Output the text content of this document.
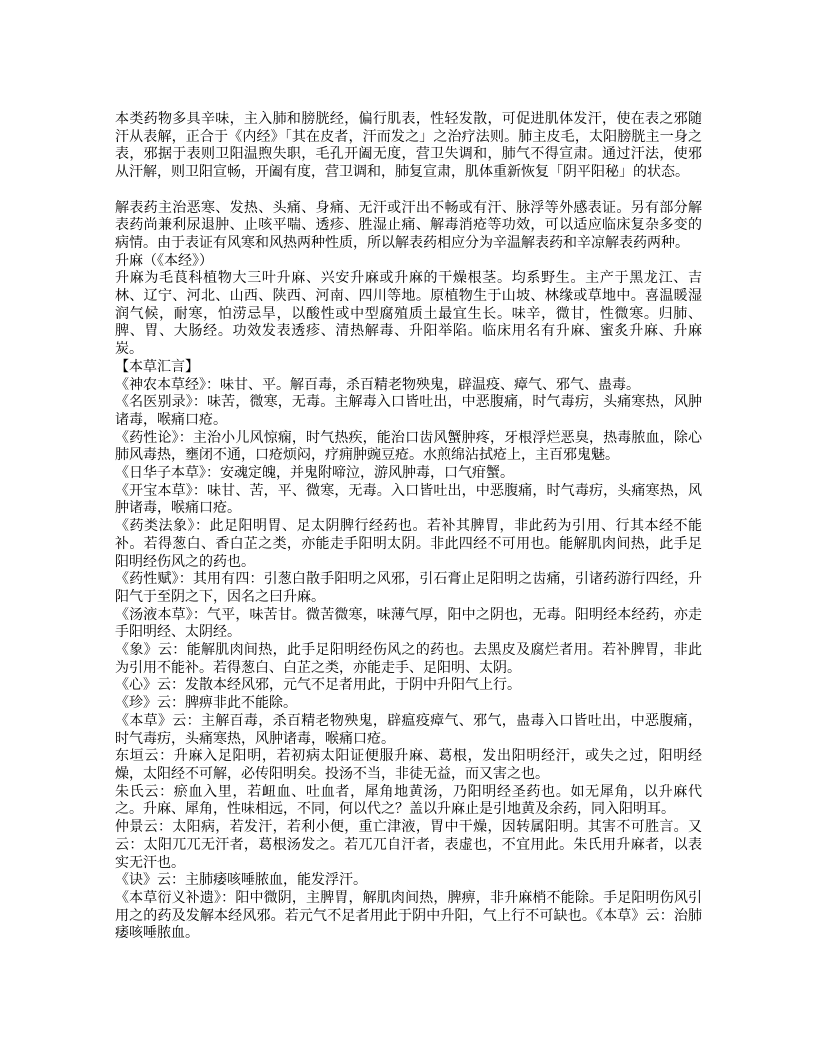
本类药物多具辛味，主入肺和膀胱经，偏行肌表，性轻发散，可促进肌体发汗，使在表之邪随汗从表解，正合于《内经》「其在皮者，汗而发之」之治疗法则。肺主皮毛，太阳膀胱主一身之表，邪据于表则卫阳温煦失职，毛孔开阖无度，营卫失调和，肺气不得宣肃。通过汗法，使邪从汗解，则卫阳宣畅，开阖有度，营卫调和，肺复宣肃，肌体重新恢复「阴平阳秘」的状态。

解表药主治恶寒、发热、头痛、身痛、无汗或汗出不畅或有汗、脉浮等外感表证。另有部分解表药尚兼利尿退肿、止咳平喘、透疹、胜湿止痛、解毒消疮等功效，可以适应临床复杂多变的病情。由于表证有风寒和风热两种性质，所以解表药相应分为辛温解表药和辛凉解表药两种。

升麻（《本经》）

升麻为毛茛科植物大三叶升麻、兴安升麻或升麻的干燥根茎。均系野生。主产于黑龙江、吉林、辽宁、河北、山西、陕西、河南、四川等地。原植物生于山坡、林缘或草地中。喜温暖湿润气候，耐寒，怕涝忌旱，以酸性或中型腐殖质土最宜生长。味辛，微甘，性微寒。归肺、脾、胃、大肠经。功效发表透疹、清热解毒、升阳举陷。临床用名有升麻、蜜炙升麻、升麻炭。

【本草汇言】

《神农本草经》：味甘、平。解百毒，杀百精老物殃鬼，辟温疫、瘴气、邪气、蛊毒。

《名医别录》：味苦，微寒，无毒。主解毒入口皆吐出，中恶腹痛，时气毒疠，头痛寒热，风肿诸毒，喉痛口疮。

《药性论》：主治小儿风惊痫，时气热疾，能治口齿风蟹肿疼，牙根浮烂恶臭，热毒脓血，除心肺风毒热，壅闭不通，口疮烦闷，疗痈肿豌豆疮。水煎绵沾拭疮上，主百邪鬼魅。

《日华子本草》：安魂定魄，并鬼附啼泣，游风肿毒，口气疳蟹。

《开宝本草》：味甘、苦，平、微寒，无毒。入口皆吐出，中恶腹痛，时气毒疠，头痛寒热，风肿诸毒，喉痛口疮。

《药类法象》：此足阳明胃、足太阴脾行经药也。若补其脾胃，非此药为引用、行其本经不能补。若得葱白、香白芷之类，亦能走手阳明太阴。非此四经不可用也。能解肌肉间热，此手足阳明经伤风之的药也。

《药性赋》：其用有四：引葱白散手阳明之风邪，引石膏止足阳明之齿痛，引诸药游行四经，升阳气于至阴之下，因名之曰升麻。

《汤液本草》：气平，味苦甘。微苦微寒，味薄气厚，阳中之阴也，无毒。阳明经本经药，亦走手阳明经、太阴经。

《象》云：能解肌肉间热，此手足阳明经伤风之的药也。去黑皮及腐烂者用。若补脾胃，非此为引用不能补。若得葱白、白芷之类，亦能走手、足阳明、太阴。

《心》云：发散本经风邪，元气不足者用此，于阴中升阳气上行。

《珍》云：脾痹非此不能除。

《本草》云：主解百毒，杀百精老物殃鬼，辟瘟疫瘴气、邪气，蛊毒入口皆吐出，中恶腹痛，时气毒疠，头痛寒热，风肿诸毒，喉痛口疮。

东垣云：升麻入足阳明，若初病太阳证便服升麻、葛根，发出阳明经汗，或失之过，阳明经燥，太阳经不可解，必传阳明矣。投汤不当，非徒无益，而又害之也。

朱氏云：瘀血入里，若衄血、吐血者，犀角地黄汤，乃阳明经圣药也。如无犀角，以升麻代之。升麻、犀角，性味相远，不同，何以代之？盖以升麻止是引地黄及余药，同入阳明耳。

仲景云：太阳病，若发汗，若利小便，重亡津液，胃中干燥，因转属阳明。其害不可胜言。又云：太阳兀兀无汗者，葛根汤发之。若兀兀自汗者，表虚也，不宜用此。朱氏用升麻者，以表实无汗也。

《诀》云：主肺痿咳唾脓血，能发浮汗。

《本草衍义补遗》：阳中微阴，主脾胃，解肌肉间热，脾痹，非升麻梢不能除。手足阳明伤风引用之的药及发解本经风邪。若元气不足者用此于阴中升阳，气上行不可缺也。《本草》云：治肺痿咳唾脓血。
